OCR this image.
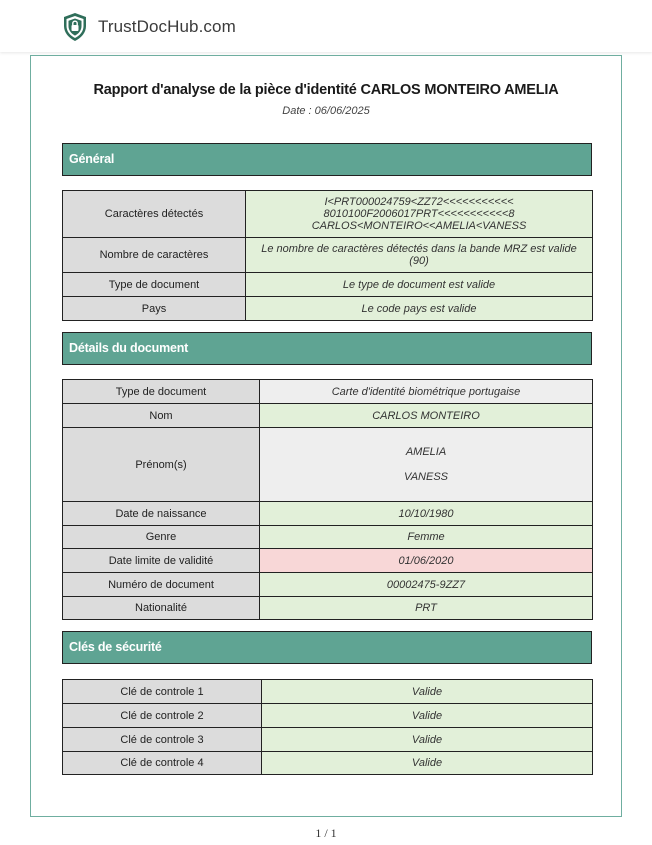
TrustDocHub.com
Rapport d'analyse de la pièce d'identité CARLOS MONTEIRO AMELIA
Date : 06/06/2025
Général
Caractères détectés	I<PRT000024759<ZZ72<<<<<<<<<<<
8010100F2006017PRT<<<<<<<<<<<8
CARLOS<MONTEIRO<<AMELIA<VANESS

Nombre de caractères	Le nombre de caractères détectés dans la bande MRZ est valide (90)
Type de document	Le type de document est valide
Pays	Le code pays est valide
Détails du document
Type de document	Carte d'identité biométrique portugaise
Nom	CARLOS MONTEIRO
Prénom(s)	AMELIA
VANESS

Date de naissance	10/10/1980
Genre	Femme
Date limite de validité	01/06/2020
Numéro de document	00002475-9ZZ7
Nationalité	PRT
Clés de sécurité
Clé de controle 1	Valide
Clé de controle 2	Valide
Clé de controle 3	Valide
Clé de controle 4	Valide
1 / 1
